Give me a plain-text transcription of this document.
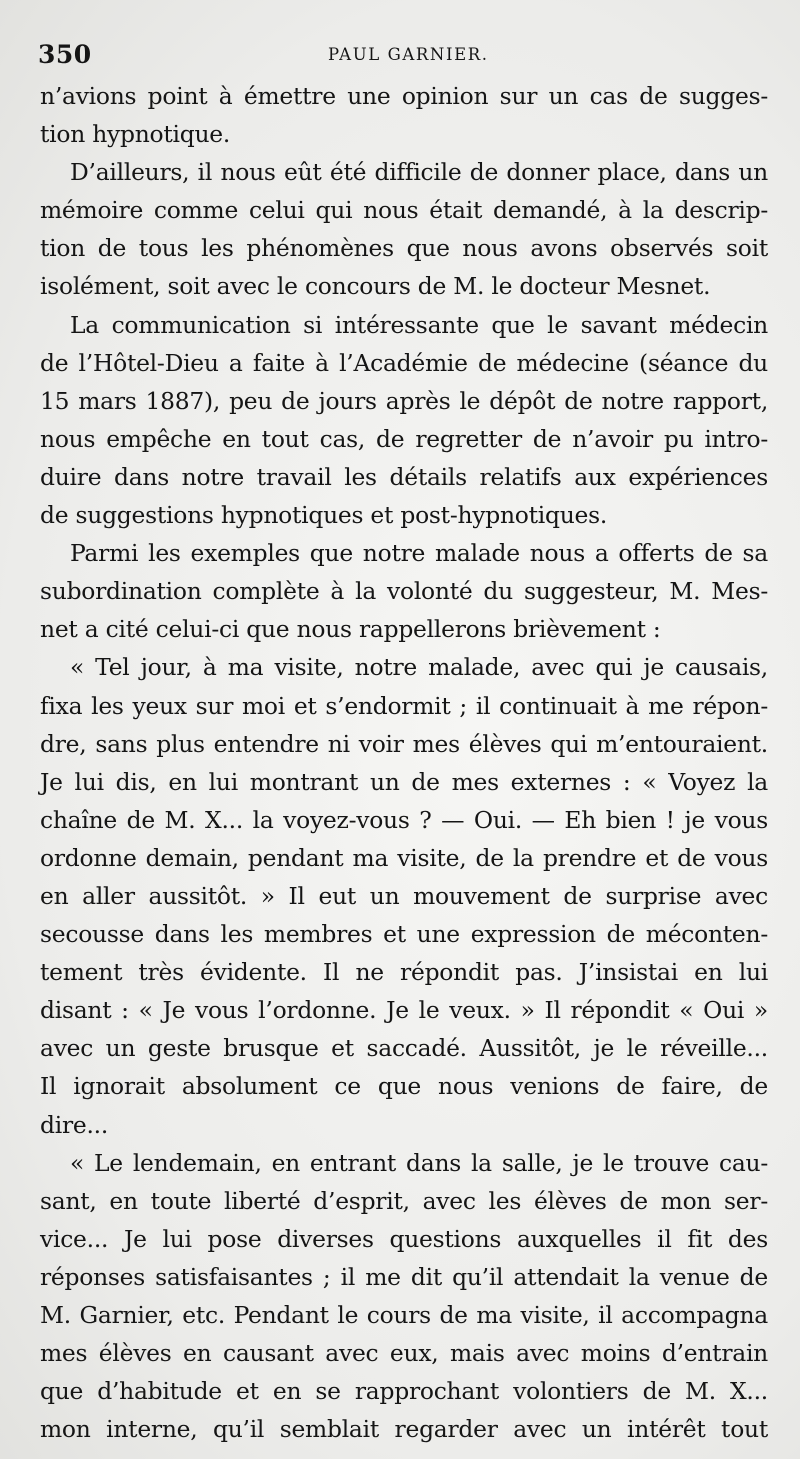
350	PAUL GARNIER.
n’avions point à émettre une opinion sur un cas de sugges-
tion hypnotique.
D’ailleurs, il nous eût été difficile de donner place, dans un
mémoire comme celui qui nous était demandé, à la descrip-
tion de tous les phénomènes que nous avons observés soit
isolément, soit avec le concours de M. le docteur Mesnet.
La communication si intéressante que le savant médecin
de l’Hôtel-Dieu a faite à l’Académie de médecine (séance du
15 mars 1887), peu de jours après le dépôt de notre rapport,
nous empêche en tout cas, de regretter de n’avoir pu intro-
duire dans notre travail les détails relatifs aux expériences
de suggestions hypnotiques et post-hypnotiques.
Parmi les exemples que notre malade nous a offerts de sa
subordination complète à la volonté du suggesteur, M. Mes-
net a cité celui-ci que nous rappellerons brièvement :
« Tel jour, à ma visite, notre malade, avec qui je causais,
fixa les yeux sur moi et s’endormit ; il continuait à me répon-
dre, sans plus entendre ni voir mes élèves qui m’entouraient.
Je lui dis, en lui montrant un de mes externes : « Voyez la
chaîne de M. X... la voyez-vous ? — Oui. — Eh bien ! je vous
ordonne demain, pendant ma visite, de la prendre et de vous
en aller aussitôt. » Il eut un mouvement de surprise avec
secousse dans les membres et une expression de méconten-
tement très évidente. Il ne répondit pas. J’insistai en lui
disant : « Je vous l’ordonne. Je le veux. » Il répondit « Oui »
avec un geste brusque et saccadé. Aussitôt, je le réveille...
Il ignorait absolument ce que nous venions de faire, de
dire...
« Le lendemain, en entrant dans la salle, je le trouve cau-
sant, en toute liberté d’esprit, avec les élèves de mon ser-
vice... Je lui pose diverses questions auxquelles il fit des
réponses satisfaisantes ; il me dit qu’il attendait la venue de
M. Garnier, etc. Pendant le cours de ma visite, il accompagna
mes élèves en causant avec eux, mais avec moins d’entrain
que d’habitude et en se rapprochant volontiers de M. X...
mon interne, qu’il semblait regarder avec un intérêt tout
